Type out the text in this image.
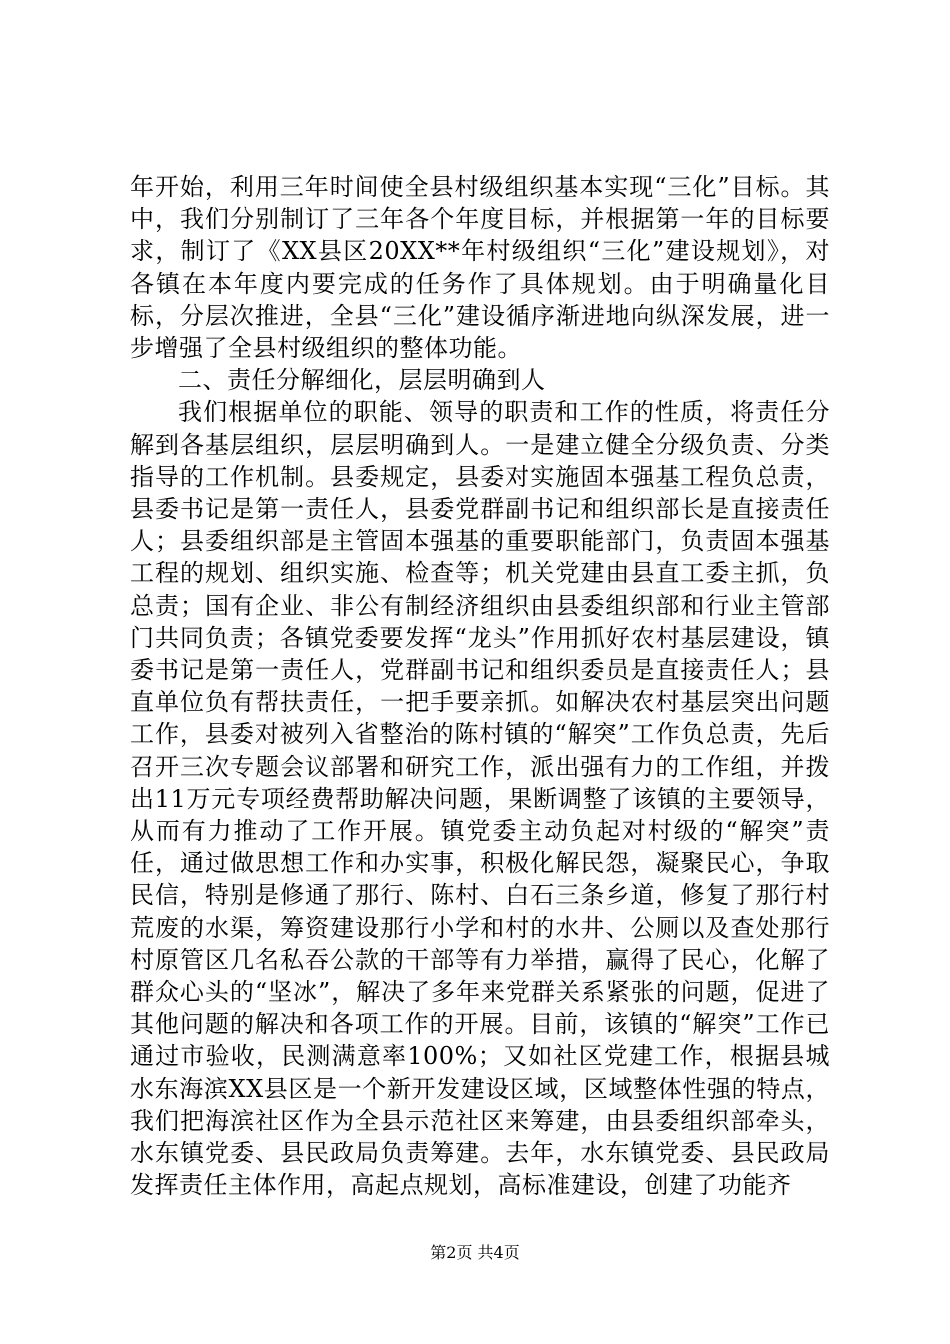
年开始，利用三年时间使全县村级组织基本实现“三化”目标。其中，我们分别制订了三年各个年度目标，并根据第一年的目标要求，制订了《XX县区20XX**年村级组织“三化”建设规划》，对各镇在本年度内要完成的任务作了具体规划。由于明确量化目标，分层次推进，全县“三化”建设循序渐进地向纵深发展，进一步增强了全县村级组织的整体功能。

二、责任分解细化，层层明确到人

我们根据单位的职能、领导的职责和工作的性质，将责任分解到各基层组织，层层明确到人。一是建立健全分级负责、分类指导的工作机制。县委规定，县委对实施固本强基工程负总责，县委书记是第一责任人，县委党群副书记和组织部长是直接责任人；县委组织部是主管固本强基的重要职能部门，负责固本强基工程的规划、组织实施、检查等；机关党建由县直工委主抓，负总责；国有企业、非公有制经济组织由县委组织部和行业主管部门共同负责；各镇党委要发挥“龙头”作用抓好农村基层建设，镇委书记是第一责任人，党群副书记和组织委员是直接责任人；县直单位负有帮扶责任，一把手要亲抓。如解决农村基层突出问题工作，县委对被列入省整治的陈村镇的“解突”工作负总责，先后召开三次专题会议部署和研究工作，派出强有力的工作组，并拨出11万元专项经费帮助解决问题，果断调整了该镇的主要领导，从而有力推动了工作开展。镇党委主动负起对村级的“解突”责任，通过做思想工作和办实事，积极化解民怨，凝聚民心，争取民信，特别是修通了那行、陈村、白石三条乡道，修复了那行村荒废的水渠，筹资建设那行小学和村的水井、公厕以及查处那行村原管区几名私吞公款的干部等有力举措，赢得了民心，化解了群众心头的“坚冰”，解决了多年来党群关系紧张的问题，促进了其他问题的解决和各项工作的开展。目前，该镇的“解突”工作已通过市验收，民测满意率100%；又如社区党建工作，根据县城水东海滨XX县区是一个新开发建设区域，区域整体性强的特点，我们把海滨社区作为全县示范社区来筹建，由县委组织部牵头，水东镇党委、县民政局负责筹建。去年，水东镇党委、县民政局发挥责任主体作用，高起点规划，高标准建设，创建了功能齐

第2页 共4页
